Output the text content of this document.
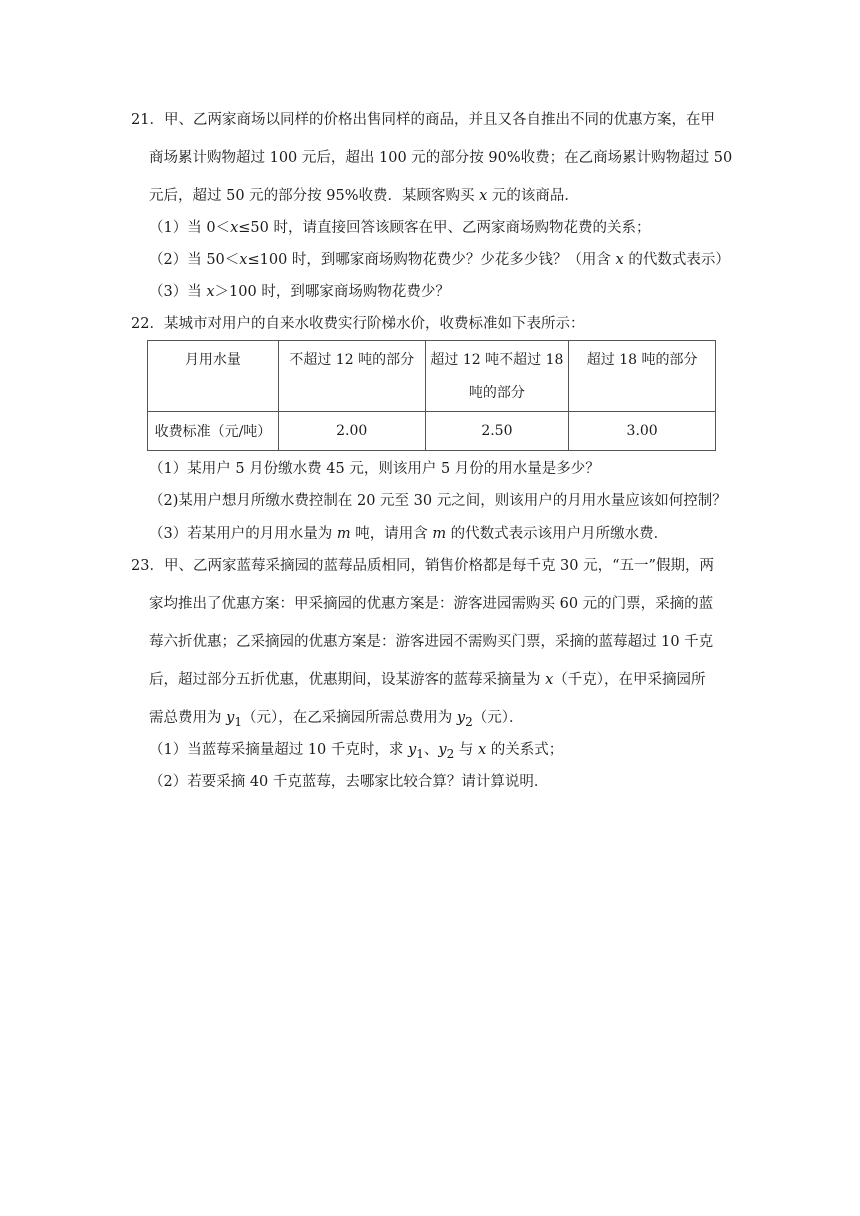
21．甲、乙两家商场以同样的价格出售同样的商品，并且又各自推出不同的优惠方案，在甲
商场累计购物超过 100 元后，超出 100 元的部分按 90%收费；在乙商场累计购物超过 50
元后，超过 50 元的部分按 95%收费．某顾客购买 x 元的该商品．
（1）当 0＜x≤50 时，请直接回答该顾客在甲、乙两家商场购物花费的关系；
（2）当 50＜x≤100 时，到哪家商场购物花费少？少花多少钱？（用含 x 的代数式表示）
（3）当 x＞100 时，到哪家商场购物花费少？
22．某城市对用户的自来水收费实行阶梯水价，收费标准如下表所示：
月用水量	不超过 12 吨的部分	超过 12 吨不超过 18
吨的部分	超过 18 吨的部分

收费标准（元/吨）	2.00	2.50	3.00
（1）某用户 5 月份缴水费 45 元，则该用户 5 月份的用水量是多少？
（2)某用户想月所缴水费控制在 20 元至 30 元之间，则该用户的月用水量应该如何控制？
（3）若某用户的月用水量为 m 吨，请用含 m 的代数式表示该用户月所缴水费．
23．甲、乙两家蓝莓采摘园的蓝莓品质相同，销售价格都是每千克 30 元，“五一”假期，两
家均推出了优惠方案：甲采摘园的优惠方案是：游客进园需购买 60 元的门票，采摘的蓝
莓六折优惠；乙采摘园的优惠方案是：游客进园不需购买门票，采摘的蓝莓超过 10 千克
后，超过部分五折优惠，优惠期间，设某游客的蓝莓采摘量为 x（千克），在甲采摘园所
需总费用为 $y_1$（元），在乙采摘园所需总费用为 $y_2$（元）．
（1）当蓝莓采摘量超过 10 千克时，求 $y_1$、$y_2$ 与 x 的关系式；
（2）若要采摘 40 千克蓝莓，去哪家比较合算？请计算说明．
